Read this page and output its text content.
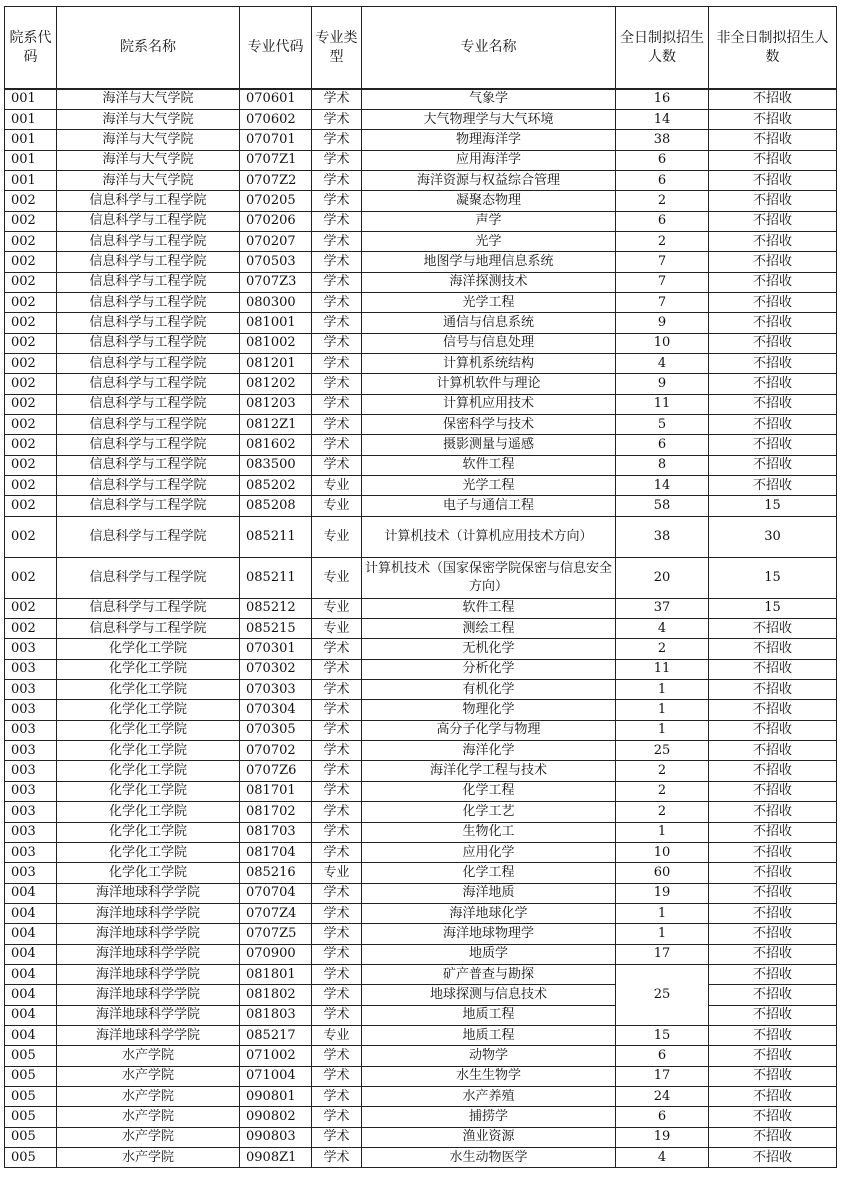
院系代码	院系名称	专业代码	专业类型	专业名称	全日制拟招生人数	非全日制拟招生人数
001	海洋与大气学院	070601	学术	气象学	16	不招收
001	海洋与大气学院	070602	学术	大气物理学与大气环境	14	不招收
001	海洋与大气学院	070701	学术	物理海洋学	38	不招收
001	海洋与大气学院	0707Z1	学术	应用海洋学	6	不招收
001	海洋与大气学院	0707Z2	学术	海洋资源与权益综合管理	6	不招收
002	信息科学与工程学院	070205	学术	凝聚态物理	2	不招收
002	信息科学与工程学院	070206	学术	声学	6	不招收
002	信息科学与工程学院	070207	学术	光学	2	不招收
002	信息科学与工程学院	070503	学术	地图学与地理信息系统	7	不招收
002	信息科学与工程学院	0707Z3	学术	海洋探测技术	7	不招收
002	信息科学与工程学院	080300	学术	光学工程	7	不招收
002	信息科学与工程学院	081001	学术	通信与信息系统	9	不招收
002	信息科学与工程学院	081002	学术	信号与信息处理	10	不招收
002	信息科学与工程学院	081201	学术	计算机系统结构	4	不招收
002	信息科学与工程学院	081202	学术	计算机软件与理论	9	不招收
002	信息科学与工程学院	081203	学术	计算机应用技术	11	不招收
002	信息科学与工程学院	0812Z1	学术	保密科学与技术	5	不招收
002	信息科学与工程学院	081602	学术	摄影测量与遥感	6	不招收
002	信息科学与工程学院	083500	学术	软件工程	8	不招收
002	信息科学与工程学院	085202	专业	光学工程	14	不招收
002	信息科学与工程学院	085208	专业	电子与通信工程	58	15
002	信息科学与工程学院	085211	专业	计算机技术（计算机应用技术方向）	38	30
002	信息科学与工程学院	085211	专业	计算机技术（国家保密学院保密与信息安全方向）	20	15
002	信息科学与工程学院	085212	专业	软件工程	37	15
002	信息科学与工程学院	085215	专业	测绘工程	4	不招收
003	化学化工学院	070301	学术	无机化学	2	不招收
003	化学化工学院	070302	学术	分析化学	11	不招收
003	化学化工学院	070303	学术	有机化学	1	不招收
003	化学化工学院	070304	学术	物理化学	1	不招收
003	化学化工学院	070305	学术	高分子化学与物理	1	不招收
003	化学化工学院	070702	学术	海洋化学	25	不招收
003	化学化工学院	0707Z6	学术	海洋化学工程与技术	2	不招收
003	化学化工学院	081701	学术	化学工程	2	不招收
003	化学化工学院	081702	学术	化学工艺	2	不招收
003	化学化工学院	081703	学术	生物化工	1	不招收
003	化学化工学院	081704	学术	应用化学	10	不招收
003	化学化工学院	085216	专业	化学工程	60	不招收
004	海洋地球科学学院	070704	学术	海洋地质	19	不招收
004	海洋地球科学学院	0707Z4	学术	海洋地球化学	1	不招收
004	海洋地球科学学院	0707Z5	学术	海洋地球物理学	1	不招收
004	海洋地球科学学院	070900	学术	地质学	17	不招收
004	海洋地球科学学院	081801	学术	矿产普查与勘探	25	不招收
004	海洋地球科学学院	081802	学术	地球探测与信息技术		不招收
004	海洋地球科学学院	081803	学术	地质工程		不招收
004	海洋地球科学学院	085217	专业	地质工程	15	不招收
005	水产学院	071002	学术	动物学	6	不招收
005	水产学院	071004	学术	水生生物学	17	不招收
005	水产学院	090801	学术	水产养殖	24	不招收
005	水产学院	090802	学术	捕捞学	6	不招收
005	水产学院	090803	学术	渔业资源	19	不招收
005	水产学院	0908Z1	学术	水生动物医学	4	不招收
